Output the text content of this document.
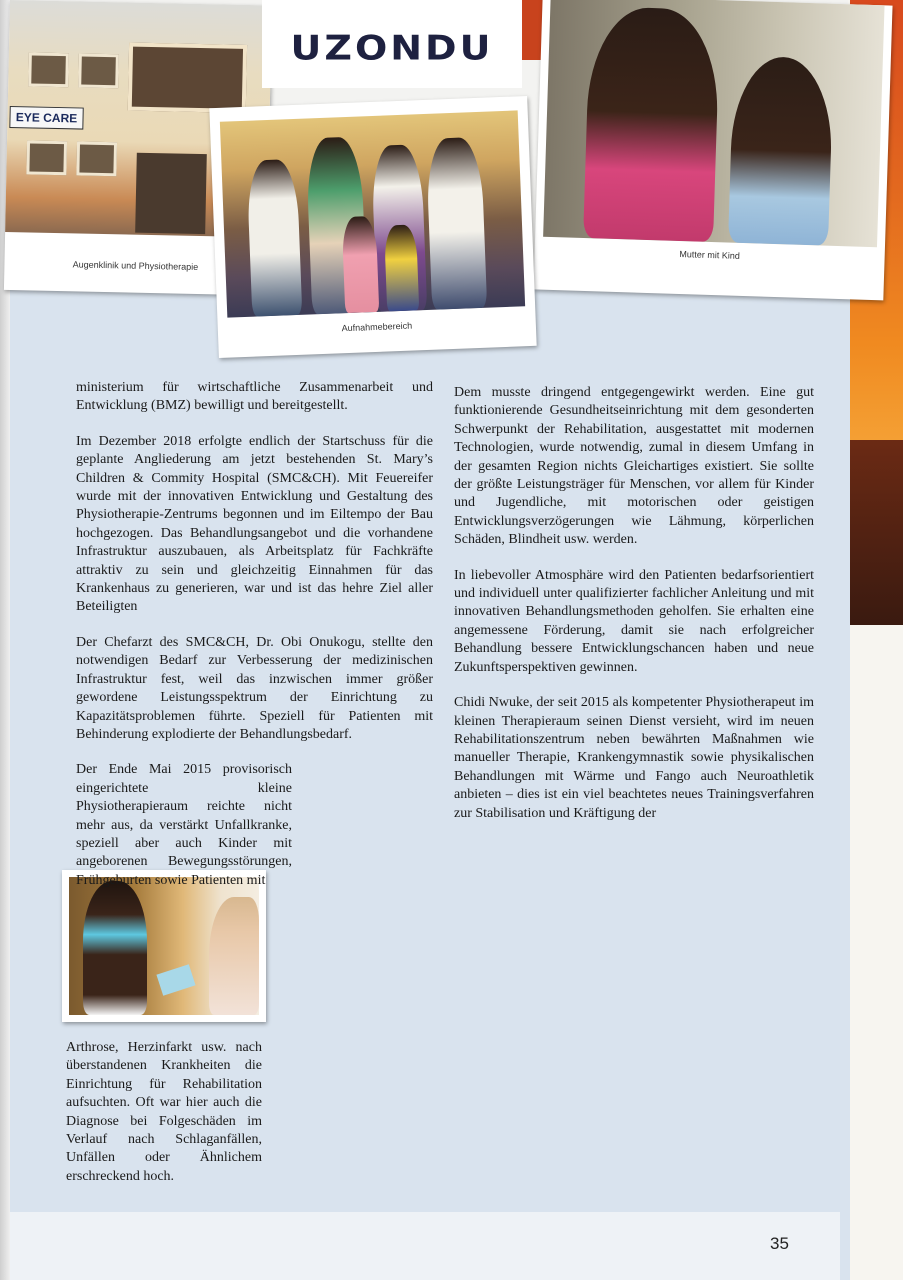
EYE CARE
Augenklinik und Physiotherapie
UZONDU
Mutter mit Kind
Aufnahmebereich

ministerium für wirtschaftliche Zusammenarbeit und Entwicklung (BMZ) bewilligt und bereitgestellt.

Im Dezember 2018 erfolgte endlich der Startschuss für die geplante Angliederung am jetzt bestehenden St. Mary’s Children & Commity Hospital (SMC&CH). Mit Feuereifer wurde mit der innovativen Entwicklung und Gestaltung des Physiotherapie-Zentrums begonnen und im Eiltempo der Bau hochgezogen. Das Behandlungsangebot und die vorhandene Infrastruktur auszubauen, als Arbeitsplatz für Fachkräfte attraktiv zu sein und gleichzeitig Einnahmen für das Krankenhaus zu generieren, war und ist das hehre Ziel aller Beteiligten

Der Chefarzt des SMC&CH, Dr. Obi Onukogu, stellte den notwendigen Bedarf zur Verbesserung der medizinischen Infrastruktur fest, weil das inzwischen immer größer gewordene Leistungsspektrum der Einrichtung zu Kapazitätsproblemen führte. Speziell für Patienten mit Behinderung explodierte der Behandlungsbedarf.

Der Ende Mai 2015 provisorisch eingerichtete kleine Physiotherapieraum reichte nicht mehr aus, da verstärkt Unfallkranke, speziell aber auch Kinder mit angeborenen Bewegungsstörungen, Frühgeburten sowie Patienten mit

Dem musste dringend entgegengewirkt werden. Eine gut funktionierende Gesundheitseinrichtung mit dem gesonderten Schwerpunkt der Rehabilitation, ausgestattet mit modernen Technologien, wurde notwendig, zumal in diesem Umfang in der gesamten Region nichts Gleichartiges existiert. Sie sollte der größte Leistungsträger für Menschen, vor allem für Kinder und Jugendliche, mit motorischen oder geistigen Entwicklungsverzögerungen wie Lähmung, körperlichen Schäden, Blindheit usw. werden.

In liebevoller Atmosphäre wird den Patienten bedarfsorientiert und individuell unter qualifizierter fachlicher Anleitung und mit innovativen Behandlungsmethoden geholfen. Sie erhalten eine angemessene Förderung, damit sie nach erfolgreicher Behandlung bessere Entwicklungschancen haben und neue Zukunftsperspektiven gewinnen.

Chidi Nwuke, der seit 2015 als kompetenter Physiotherapeut im kleinen Therapieraum seinen Dienst versieht, wird im neuen Rehabilitationszentrum neben bewährten Maßnahmen wie manueller Therapie, Krankengymnastik sowie physikalischen Behandlungen mit Wärme und Fango auch Neuroathletik anbieten – dies ist ein viel beachtetes neues Trainingsverfahren zur Stabilisation und Kräftigung der

Arthrose, Herzinfarkt usw. nach überstandenen Krankheiten die Einrichtung für Rehabilitation aufsuchten. Oft war hier auch die Diagnose bei Folgeschäden im Verlauf nach Schlaganfällen, Unfällen oder Ähnlichem erschreckend hoch.

35
